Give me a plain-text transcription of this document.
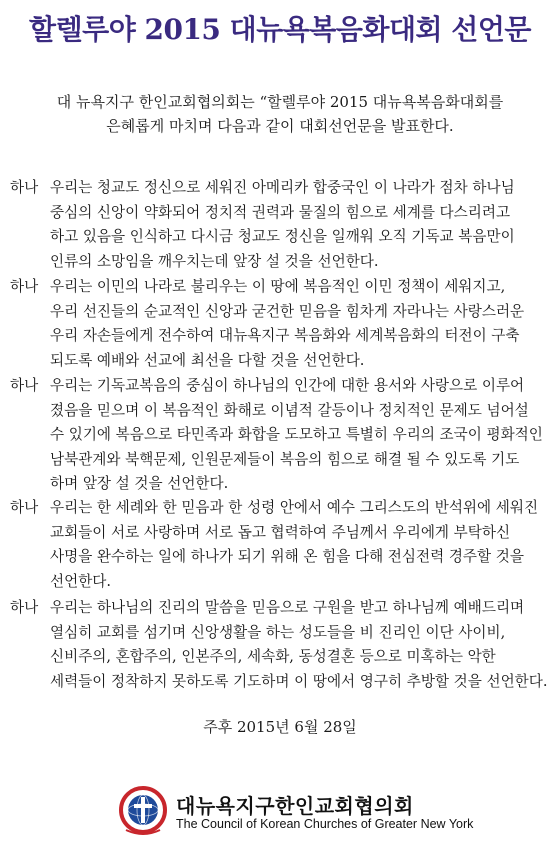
할렐루야 2015 대뉴욕복음화대회 선언문
대 뉴욕지구 한인교회협의회는 “할렐루야 2015 대뉴욕복음화대회를
은혜롭게 마치며 다음과 같이 대회선언문을 발표한다.
하나 우리는 청교도 정신으로 세워진 아메리카 합중국인 이 나라가 점차 하나님
중심의 신앙이 약화되어 정치적 권력과 물질의 힘으로 세계를 다스리려고
하고 있음을 인식하고 다시금 청교도 정신을 일깨워 오직 기독교 복음만이
인류의 소망임을 깨우치는데 앞장 설 것을 선언한다.
하나 우리는 이민의 나라로 불리우는 이 땅에 복음적인 이민 정책이 세워지고,
우리 선진들의 순교적인 신앙과 굳건한 믿음을 힘차게 자라나는 사랑스러운
우리 자손들에게 전수하여 대뉴욕지구 복음화와 세계복음화의 터전이 구축
되도록 예배와 선교에 최선을 다할 것을 선언한다.
하나 우리는 기독교복음의 중심이 하나님의 인간에 대한 용서와 사랑으로 이루어
졌음을 믿으며 이 복음적인 화해로 이념적 갈등이나 정치적인 문제도 넘어설
수 있기에 복음으로 타민족과 화합을 도모하고 특별히 우리의 조국이 평화적인
남북관계와 북핵문제, 인원문제들이 복음의 힘으로 해결 될 수 있도록 기도
하며 앞장 설 것을 선언한다.
하나 우리는 한 세례와 한 믿음과 한 성령 안에서 예수 그리스도의 반석위에 세워진
교회들이 서로 사랑하며 서로 돕고 협력하여 주님께서 우리에게 부탁하신
사명을 완수하는 일에 하나가 되기 위해 온 힘을 다해 전심전력 경주할 것을
선언한다.
하나 우리는 하나님의 진리의 말씀을 믿음으로 구원을 받고 하나님께 예배드리며
열심히 교회를 섬기며 신앙생활을 하는 성도들을 비 진리인 이단 사이비,
신비주의, 혼합주의, 인본주의, 세속화, 동성결혼 등으로 미혹하는 악한
세력들이 정착하지 못하도록 기도하며 이 땅에서 영구히 추방할 것을 선언한다.
주후 2015년 6월 28일
대뉴욕지구한인교회협의회
The Council of Korean Churches of Greater New York
